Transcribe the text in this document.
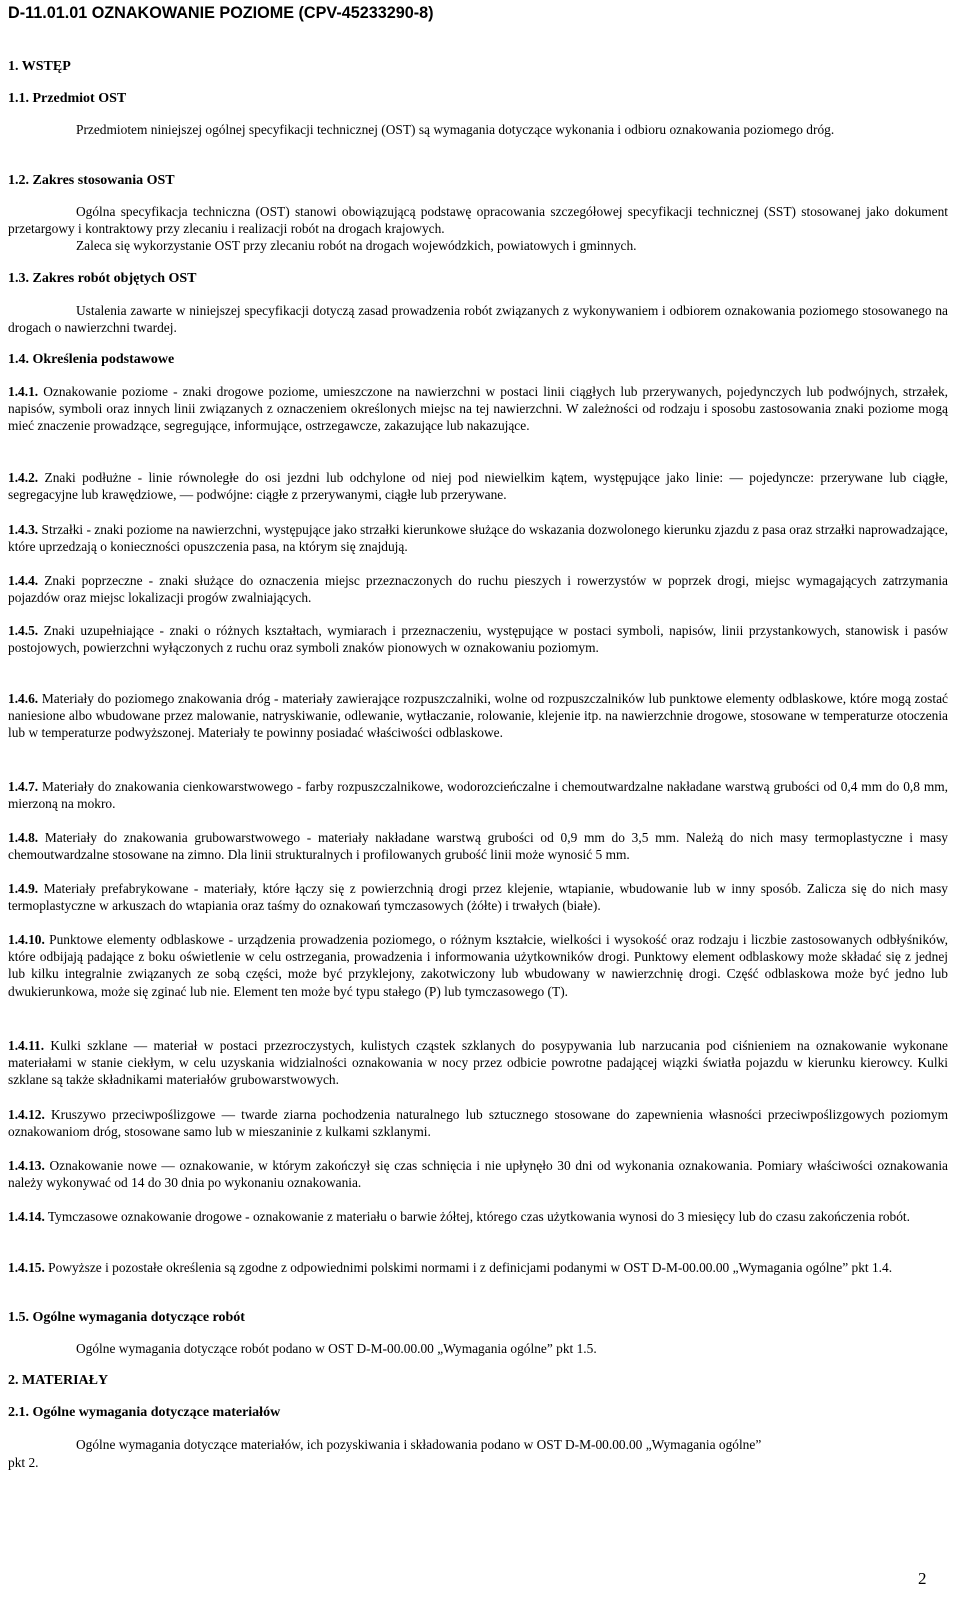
D-11.01.01 OZNAKOWANIE POZIOME (CPV-45233290-8)
1. WSTĘP
1.1. Przedmiot OST
Przedmiotem niniejszej ogólnej specyfikacji technicznej (OST) są wymagania dotyczące wykonania i odbioru oznakowania poziomego dróg.
1.2. Zakres stosowania OST
Ogólna specyfikacja techniczna (OST) stanowi obowiązującą podstawę opracowania szczegółowej specyfikacji technicznej (SST) stosowanej jako dokument przetargowy i kontraktowy przy zlecaniu i realizacji robót na drogach krajowych.
Zaleca się wykorzystanie OST przy zlecaniu robót na drogach wojewódzkich, powiatowych i gminnych.
1.3. Zakres robót objętych OST
Ustalenia zawarte w niniejszej specyfikacji dotyczą zasad prowadzenia robót związanych z wykonywaniem i odbiorem oznakowania poziomego stosowanego na drogach o nawierzchni twardej.
1.4. Określenia podstawowe
1.4.1. Oznakowanie poziome - znaki drogowe poziome, umieszczone na nawierzchni w postaci linii ciągłych lub przerywanych, pojedynczych lub podwójnych, strzałek, napisów, symboli oraz innych linii związanych z oznaczeniem określonych miejsc na tej nawierzchni. W zależności od rodzaju i sposobu zastosowania znaki poziome mogą mieć znaczenie prowadzące, segregujące, informujące, ostrzegawcze, zakazujące lub nakazujące.
1.4.2. Znaki podłużne - linie równoległe do osi jezdni lub odchylone od niej pod niewielkim kątem, występujące jako linie: — pojedyncze: przerywane lub ciągłe, segregacyjne lub krawędziowe, — podwójne: ciągłe z przerywanymi, ciągłe lub przerywane.
1.4.3. Strzałki - znaki poziome na nawierzchni, występujące jako strzałki kierunkowe służące do wskazania dozwolonego kierunku zjazdu z pasa oraz strzałki naprowadzające, które uprzedzają o konieczności opuszczenia pasa, na którym się znajdują.
1.4.4. Znaki poprzeczne - znaki służące do oznaczenia miejsc przeznaczonych do ruchu pieszych i rowerzystów w poprzek drogi, miejsc wymagających zatrzymania pojazdów oraz miejsc lokalizacji progów zwalniających.
1.4.5. Znaki uzupełniające - znaki o różnych kształtach, wymiarach i przeznaczeniu, występujące w postaci symboli, napisów, linii przystankowych, stanowisk i pasów postojowych, powierzchni wyłączonych z ruchu oraz symboli znaków pionowych w oznakowaniu poziomym.
1.4.6. Materiały do poziomego znakowania dróg - materiały zawierające rozpuszczalniki, wolne od rozpuszczalników lub punktowe elementy odblaskowe, które mogą zostać naniesione albo wbudowane przez malowanie, natryskiwanie, odlewanie, wytłaczanie, rolowanie, klejenie itp. na nawierzchnie drogowe, stosowane w temperaturze otoczenia lub w temperaturze podwyższonej. Materiały te powinny posiadać właściwości odblaskowe.
1.4.7. Materiały do znakowania cienkowarstwowego - farby rozpuszczalnikowe, wodorozcieńczalne i chemoutwardzalne nakładane warstwą grubości od 0,4 mm do 0,8 mm, mierzoną na mokro.
1.4.8. Materiały do znakowania grubowarstwowego - materiały nakładane warstwą grubości od 0,9 mm do 3,5 mm. Należą do nich masy termoplastyczne i masy chemoutwardzalne stosowane na zimno. Dla linii strukturalnych i profilowanych grubość linii może wynosić 5 mm.
1.4.9. Materiały prefabrykowane - materiały, które łączy się z powierzchnią drogi przez klejenie, wtapianie, wbudowanie lub w inny sposób. Zalicza się do nich masy termoplastyczne w arkuszach do wtapiania oraz taśmy do oznakowań tymczasowych (żółte) i trwałych (białe).
1.4.10. Punktowe elementy odblaskowe - urządzenia prowadzenia poziomego, o różnym kształcie, wielkości i wysokość oraz rodzaju i liczbie zastosowanych odbłyśników, które odbijają padające z boku oświetlenie w celu ostrzegania, prowadzenia i informowania użytkowników drogi. Punktowy element odblaskowy może składać się z jednej lub kilku integralnie związanych ze sobą części, może być przyklejony, zakotwiczony lub wbudowany w nawierzchnię drogi. Część odblaskowa może być jedno lub dwukierunkowa, może się zginać lub nie. Element ten może być typu stałego (P) lub tymczasowego (T).
1.4.11. Kulki szklane — materiał w postaci przezroczystych, kulistych cząstek szklanych do posypywania lub narzucania pod ciśnieniem na oznakowanie wykonane materiałami w stanie ciekłym, w celu uzyskania widzialności oznakowania w nocy przez odbicie powrotne padającej wiązki światła pojazdu w kierunku kierowcy. Kulki szklane są także składnikami materiałów grubowarstwowych.
1.4.12. Kruszywo przeciwpoślizgowe — twarde ziarna pochodzenia naturalnego lub sztucznego stosowane do zapewnienia własności przeciwpoślizgowych poziomym oznakowaniom dróg, stosowane samo lub w mieszaninie z kulkami szklanymi.
1.4.13. Oznakowanie nowe — oznakowanie, w którym zakończył się czas schnięcia i nie upłynęło 30 dni od wykonania oznakowania. Pomiary właściwości oznakowania należy wykonywać od 14 do 30 dnia po wykonaniu oznakowania.
1.4.14. Tymczasowe oznakowanie drogowe - oznakowanie z materiału o barwie żółtej, którego czas użytkowania wynosi do 3 miesięcy lub do czasu zakończenia robót.
1.4.15. Powyższe i pozostałe określenia są zgodne z odpowiednimi polskimi normami i z definicjami podanymi w OST D-M-00.00.00 „Wymagania ogólne” pkt 1.4.
1.5. Ogólne wymagania dotyczące robót
Ogólne wymagania dotyczące robót podano w OST D-M-00.00.00 „Wymagania ogólne” pkt 1.5.
2. MATERIAŁY
2.1. Ogólne wymagania dotyczące materiałów
Ogólne wymagania dotyczące materiałów, ich pozyskiwania i składowania podano w OST D-M-00.00.00 „Wymagania ogólne”
pkt 2.
2
